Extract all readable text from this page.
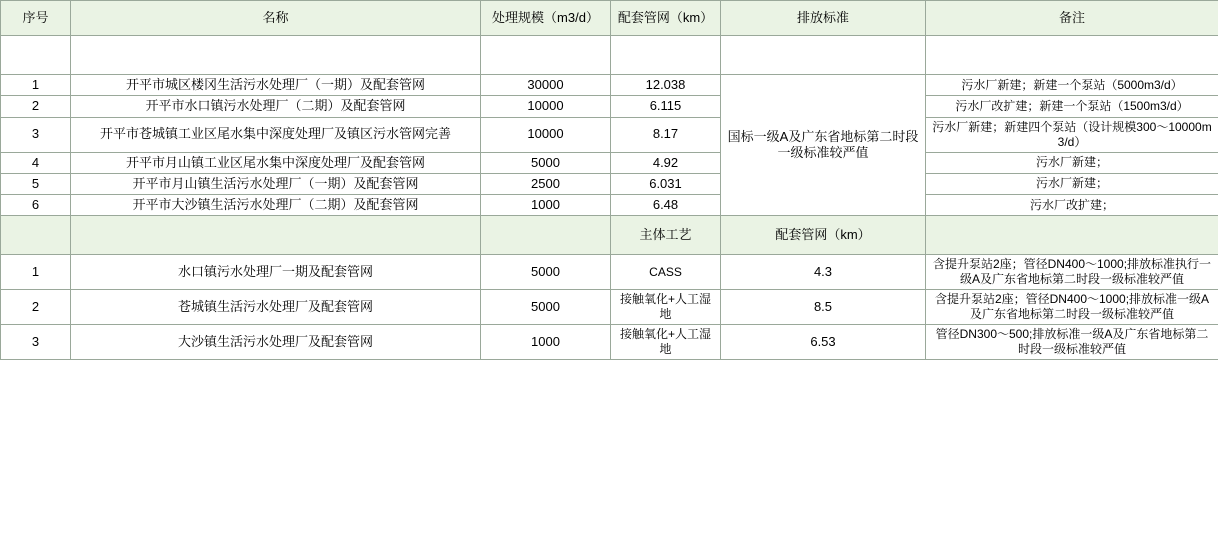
序号	名称	处理规模（m3/d）	配套管网（km）	排放标准	备注

1	开平市城区楼冈生活污水处理厂（一期）及配套管网	30000	12.038	国标一级A及广东省地标第二时段一级标准较严值	污水厂新建；新建一个泵站（5000m3/d）
2	开平市水口镇污水处理厂（二期）及配套管网	10000	6.115		污水厂改扩建；新建一个泵站（1500m3/d）
3	开平市苍城镇工业区尾水集中深度处理厂及镇区污水管网完善	10000	8.17		污水厂新建；新建四个泵站（设计规模300～10000m3/d）
4	开平市月山镇工业区尾水集中深度处理厂及配套管网	5000	4.92		污水厂新建；
5	开平市月山镇生活污水处理厂（一期）及配套管网	2500	6.031		污水厂新建；
6	开平市大沙镇生活污水处理厂（二期）及配套管网	1000	6.48		污水厂改扩建；
			主体工艺	配套管网（km）	
1	水口镇污水处理厂一期及配套管网	5000	CASS	4.3	含提升泵站2座；管径DN400～1000;排放标准执行一级A及广东省地标第二时段一级标准较严值
2	苍城镇生活污水处理厂及配套管网	5000	接触氧化+人工湿地	8.5	含提升泵站2座；管径DN400～1000;排放标准一级A及广东省地标第二时段一级标准较严值
3	大沙镇生活污水处理厂及配套管网	1000	接触氧化+人工湿地	6.53	管径DN300～500;排放标准一级A及广东省地标第二时段一级标准较严值
